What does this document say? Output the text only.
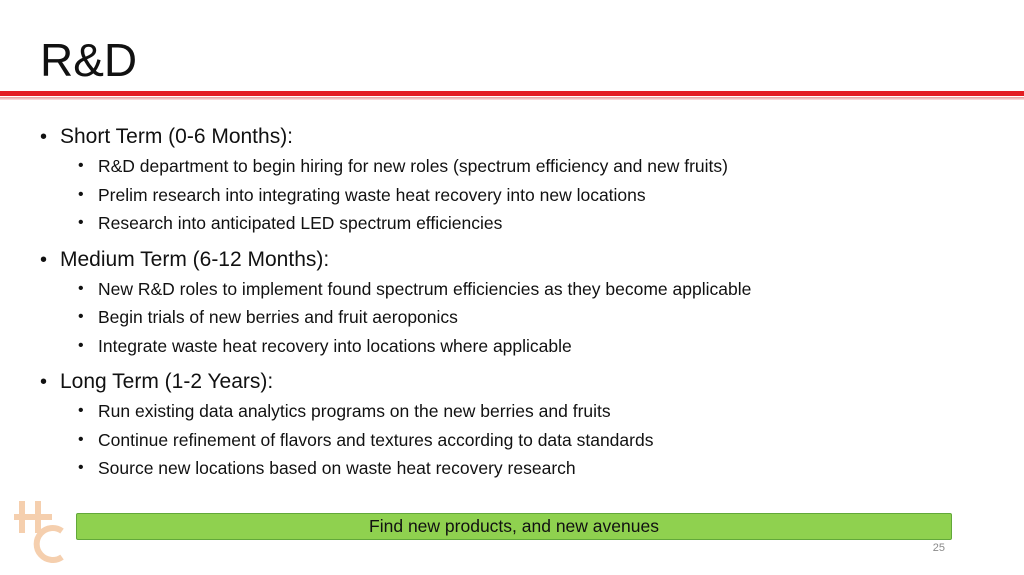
R&D
• Short Term (0-6 Months):
• R&D department to begin hiring for new roles (spectrum efficiency and new fruits)
• Prelim research into integrating waste heat recovery into new locations
• Research into anticipated LED spectrum efficiencies
• Medium Term (6-12 Months):
• New R&D roles to implement found spectrum efficiencies as they become applicable
• Begin trials of new berries and fruit aeroponics
• Integrate waste heat recovery into locations where applicable
• Long Term (1-2 Years):
• Run existing data analytics programs on the new berries and fruits
• Continue refinement of flavors and textures according to data standards
• Source new locations based on waste heat recovery research
Find new products, and new avenues
25
